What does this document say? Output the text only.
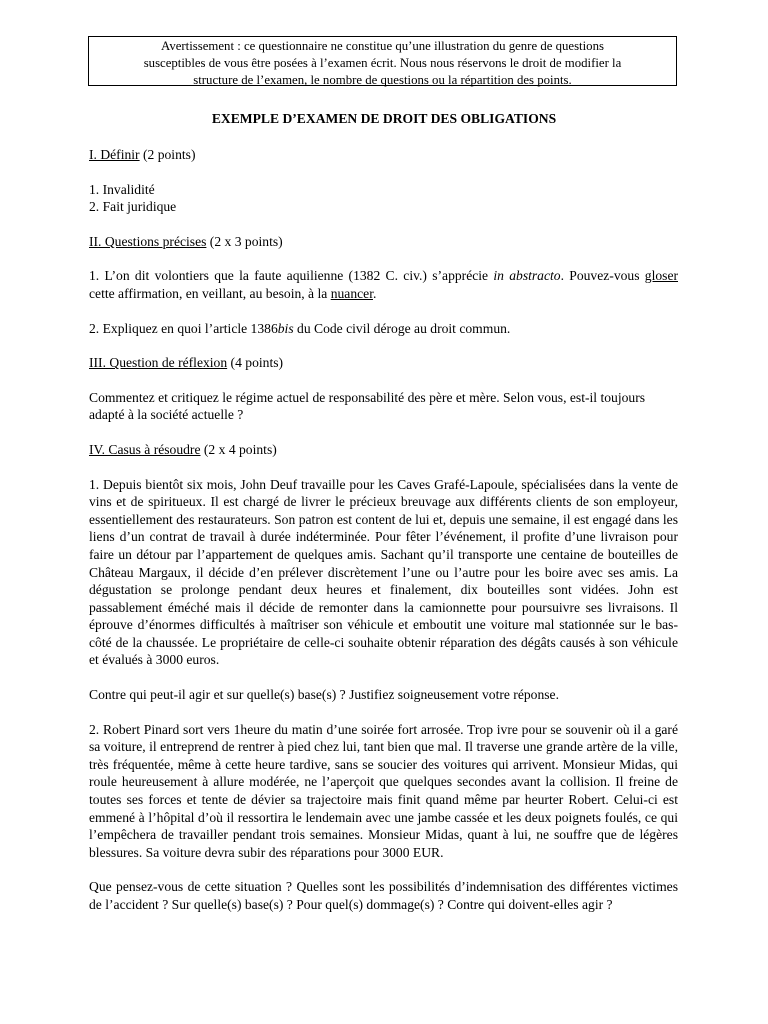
Avertissement : ce questionnaire ne constitue qu’une illustration du genre de questions
susceptibles de vous être posées à l’examen écrit. Nous nous réservons le droit de modifier la
structure de l’examen, le nombre de questions ou la répartition des points.
EXEMPLE D’EXAMEN DE DROIT DES OBLIGATIONS

I. Définir (2 points)

1. Invalidité
2. Fait juridique

II. Questions précises (2 x 3 points)

1. L’on dit volontiers que la faute aquilienne (1382 C. civ.) s’apprécie in abstracto. Pouvez-vous gloser cette affirmation, en veillant, au besoin, à la nuancer.

2. Expliquez en quoi l’article 1386bis du Code civil déroge au droit commun.

III. Question de réflexion (4 points)

Commentez et critiquez le régime actuel de responsabilité des père et mère. Selon vous, est-il toujours adapté à la société actuelle ?

IV. Casus à résoudre (2 x 4 points)

1. Depuis bientôt six mois, John Deuf travaille pour les Caves Grafé-Lapoule, spécialisées dans la vente de vins et de spiritueux. Il est chargé de livrer le précieux breuvage aux différents clients de son employeur, essentiellement des restaurateurs. Son patron est content de lui et, depuis une semaine, il est engagé dans les liens d’un contrat de travail à durée indéterminée. Pour fêter l’événement, il profite d’une livraison pour faire un détour par l’appartement de quelques amis. Sachant qu’il transporte une centaine de bouteilles de Château Margaux, il décide d’en prélever discrètement l’une ou l’autre pour les boire avec ses amis. La dégustation se prolonge pendant deux heures et finalement, dix bouteilles sont vidées. John est passablement éméché mais il décide de remonter dans la camionnette pour poursuivre ses livraisons. Il éprouve d’énormes difficultés à maîtriser son véhicule et emboutit une voiture mal stationnée sur le bas-côté de la chaussée. Le propriétaire de celle-ci souhaite obtenir réparation des dégâts causés à son véhicule et évalués à 3000 euros.

Contre qui peut-il agir et sur quelle(s) base(s) ? Justifiez soigneusement votre réponse.

2. Robert Pinard sort vers 1heure du matin d’une soirée fort arrosée. Trop ivre pour se souvenir où il a garé sa voiture, il entreprend de rentrer à pied chez lui, tant bien que mal. Il traverse une grande artère de la ville, très fréquentée, même à cette heure tardive, sans se soucier des voitures qui arrivent. Monsieur Midas, qui roule heureusement à allure modérée, ne l’aperçoit que quelques secondes avant la collision. Il freine de toutes ses forces et tente de dévier sa trajectoire mais finit quand même par heurter Robert. Celui-ci est emmené à l’hôpital d’où il ressortira le lendemain avec une jambe cassée et les deux poignets foulés, ce qui l’empêchera de travailler pendant trois semaines. Monsieur Midas, quant à lui, ne souffre que de légères blessures. Sa voiture devra subir des réparations pour 3000 EUR.

Que pensez-vous de cette situation ? Quelles sont les possibilités d’indemnisation des différentes victimes de l’accident ? Sur quelle(s) base(s) ? Pour quel(s) dommage(s) ? Contre qui doivent-elles agir ?
